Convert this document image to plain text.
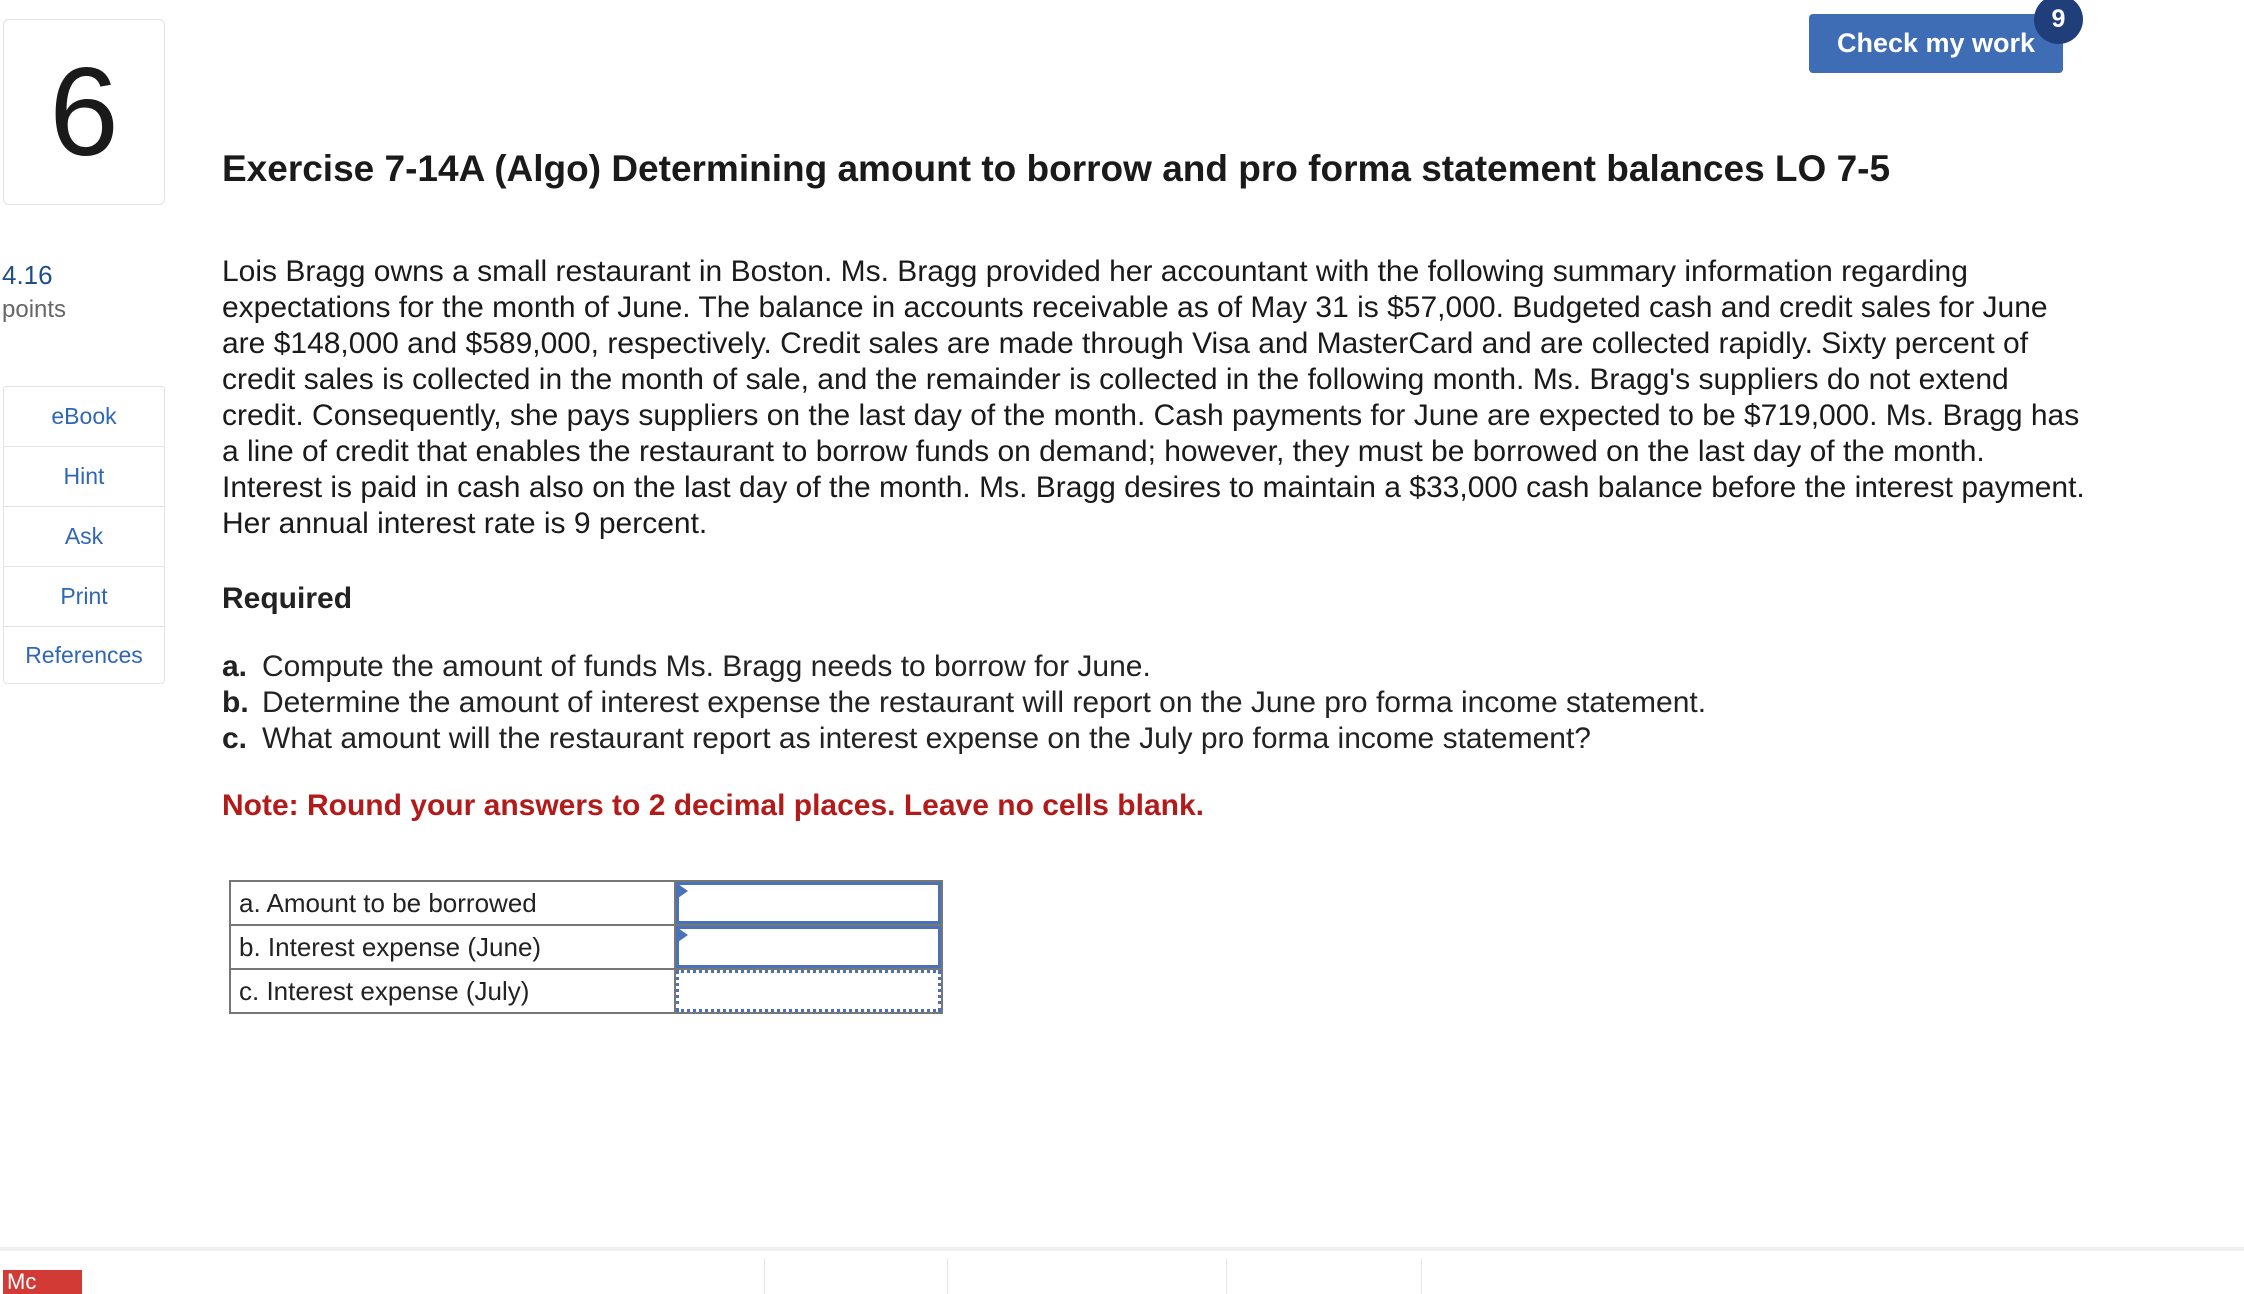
6
4.16
points
eBook
Hint
Ask
Print
References
Check my work
9
Exercise 7-14A (Algo) Determining amount to borrow and pro forma statement balances LO 7-5
Lois Bragg owns a small restaurant in Boston. Ms. Bragg provided her accountant with the following summary information regarding expectations for the month of June. The balance in accounts receivable as of May 31 is $57,000. Budgeted cash and credit sales for June are $148,000 and $589,000, respectively. Credit sales are made through Visa and MasterCard and are collected rapidly. Sixty percent of credit sales is collected in the month of sale, and the remainder is collected in the following month. Ms. Bragg's suppliers do not extend credit. Consequently, she pays suppliers on the last day of the month. Cash payments for June are expected to be $719,000. Ms. Bragg has a line of credit that enables the restaurant to borrow funds on demand; however, they must be borrowed on the last day of the month. Interest is paid in cash also on the last day of the month. Ms. Bragg desires to maintain a $33,000 cash balance before the interest payment. Her annual interest rate is 9 percent.
Required
a. Compute the amount of funds Ms. Bragg needs to borrow for June.
b. Determine the amount of interest expense the restaurant will report on the June pro forma income statement.
c. What amount will the restaurant report as interest expense on the July pro forma income statement?
Note: Round your answers to 2 decimal places. Leave no cells blank.
a. Amount to be borrowed	

b. Interest expense (June)	

c. Interest expense (July)	
Mc
